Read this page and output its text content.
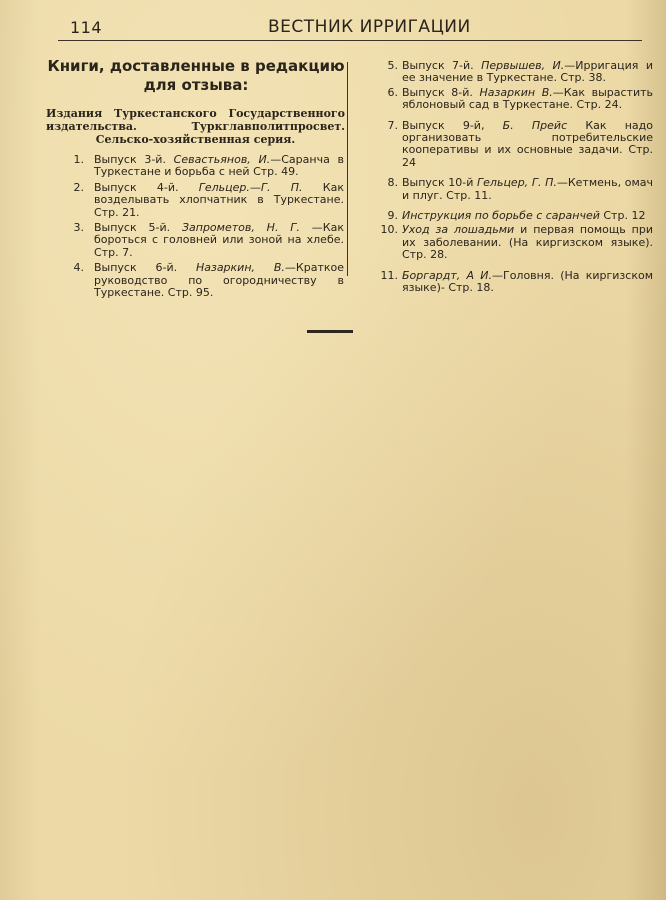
114	ВЕСТНИК ИРРИГАЦИИ
Книги, доставленные в редакцию для отзыва:
Издания Туркестанского Государственного издательства. Туркглавполитпросвет. Сельско-хозяйственная серия.
1. Выпуск 3-й. Севастьянов, И.—Саранча в Туркестане и борьба с ней Стр. 49.
2. Выпуск 4-й. Гельцер.—Г. П. Как возделывать хлопчатник в Туркестане. Стр. 21.
3. Выпуск 5-й. Запрометов, Н. Г. —Как бороться с головней или зоной на хлебе. Стр. 7.
4. Выпуск 6-й. Назаркин, В.—Краткое руководство по огородничеству в Туркестане. Стр. 95.
5. Выпуск 7-й. Первышев, И.—Ирригация и ее значение в Туркестане. Стр. 38.
6. Выпуск 8-й. Назаркин В.—Как вырастить яблоновый сад в Туркестане. Стр. 24.
7. Выпуск 9-й, Б. Прейс Как надо организовать потребительские кооперативы и их основные задачи. Стр. 24
8. Выпуск 10-й Гельцер, Г. П.—Кетмень, омач и плуг. Стр. 11.
9. Инструкция по борьбе с саранчей Стр. 12
10. Уход за лошадьми и первая помощь при их заболевании. (На киргизском языке). Стр. 28.
11. Боргардт, А И.—Головня. (На киргизском языке)- Стр. 18.
